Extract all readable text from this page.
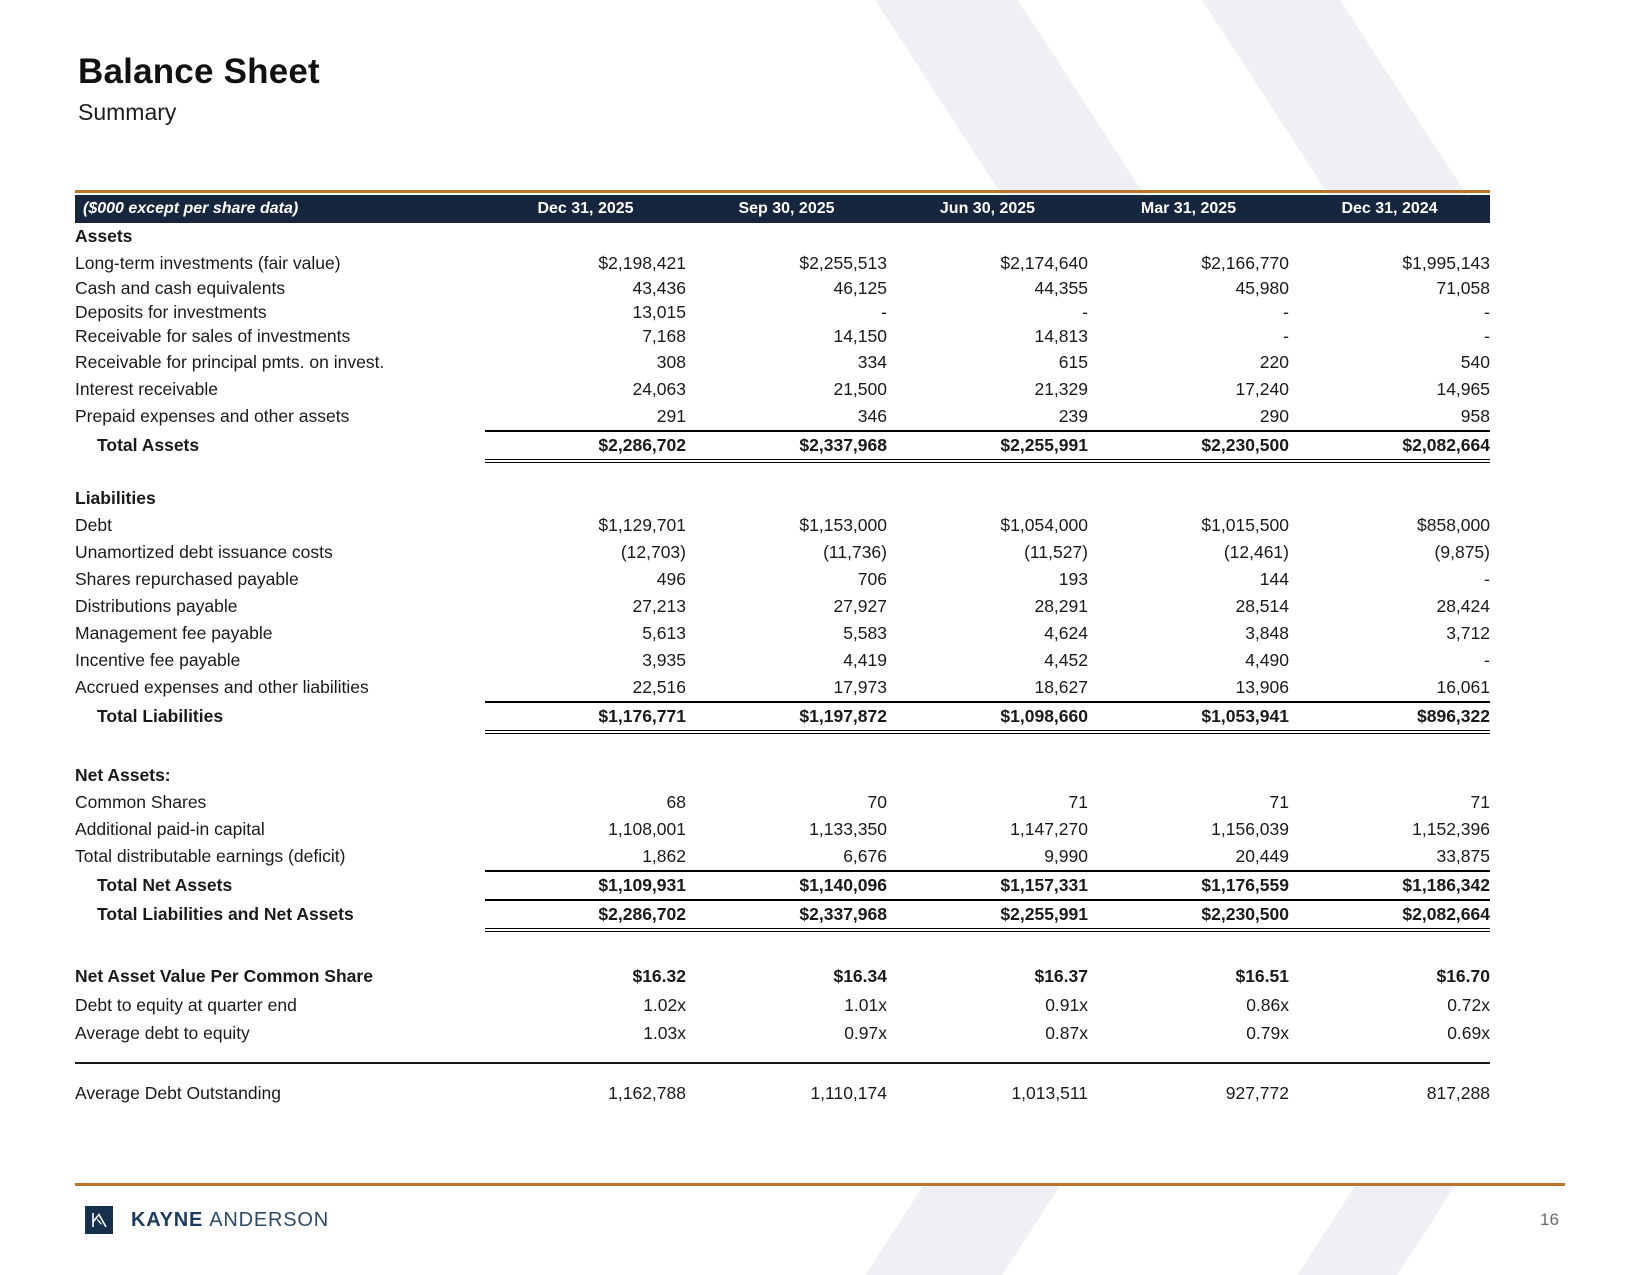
Balance Sheet
Summary
($000 except per share data)	Dec 31, 2025	Sep 30, 2025	Jun 30, 2025	Mar 31, 2025	Dec 31, 2024
Assets					
Long-term investments (fair value)	$2,198,421	$2,255,513	$2,174,640	$2,166,770	$1,995,143
Cash and cash equivalents	43,436	46,125	44,355	45,980	71,058
Deposits for investments	13,015	-	-	-	-
Receivable for sales of investments	7,168	14,150	14,813	-	-
Receivable for principal pmts. on invest.	308	334	615	220	540
Interest receivable	24,063	21,500	21,329	17,240	14,965
Prepaid expenses and other assets	291	346	239	290	958
Total Assets	$2,286,702	$2,337,968	$2,255,991	$2,230,500	$2,082,664

Liabilities					
Debt	$1,129,701	$1,153,000	$1,054,000	$1,015,500	$858,000
Unamortized debt issuance costs	(12,703)	(11,736)	(11,527)	(12,461)	(9,875)
Shares repurchased payable	496	706	193	144	-
Distributions payable	27,213	27,927	28,291	28,514	28,424
Management fee payable	5,613	5,583	4,624	3,848	3,712
Incentive fee payable	3,935	4,419	4,452	4,490	-
Accrued expenses and other liabilities	22,516	17,973	18,627	13,906	16,061
Total Liabilities	$1,176,771	$1,197,872	$1,098,660	$1,053,941	$896,322

Net Assets:					
Common Shares	68	70	71	71	71
Additional paid-in capital	1,108,001	1,133,350	1,147,270	1,156,039	1,152,396
Total distributable earnings (deficit)	1,862	6,676	9,990	20,449	33,875
Total Net Assets	$1,109,931	$1,140,096	$1,157,331	$1,176,559	$1,186,342
Total Liabilities and Net Assets	$2,286,702	$2,337,968	$2,255,991	$2,230,500	$2,082,664

Net Asset Value Per Common Share	$16.32	$16.34	$16.37	$16.51	$16.70
Debt to equity at quarter end	1.02x	1.01x	0.91x	0.86x	0.72x
Average debt to equity	1.03x	0.97x	0.87x	0.79x	0.69x

Average Debt Outstanding	1,162,788	1,110,174	1,013,511	927,772	817,288
KAYNE ANDERSON	16
